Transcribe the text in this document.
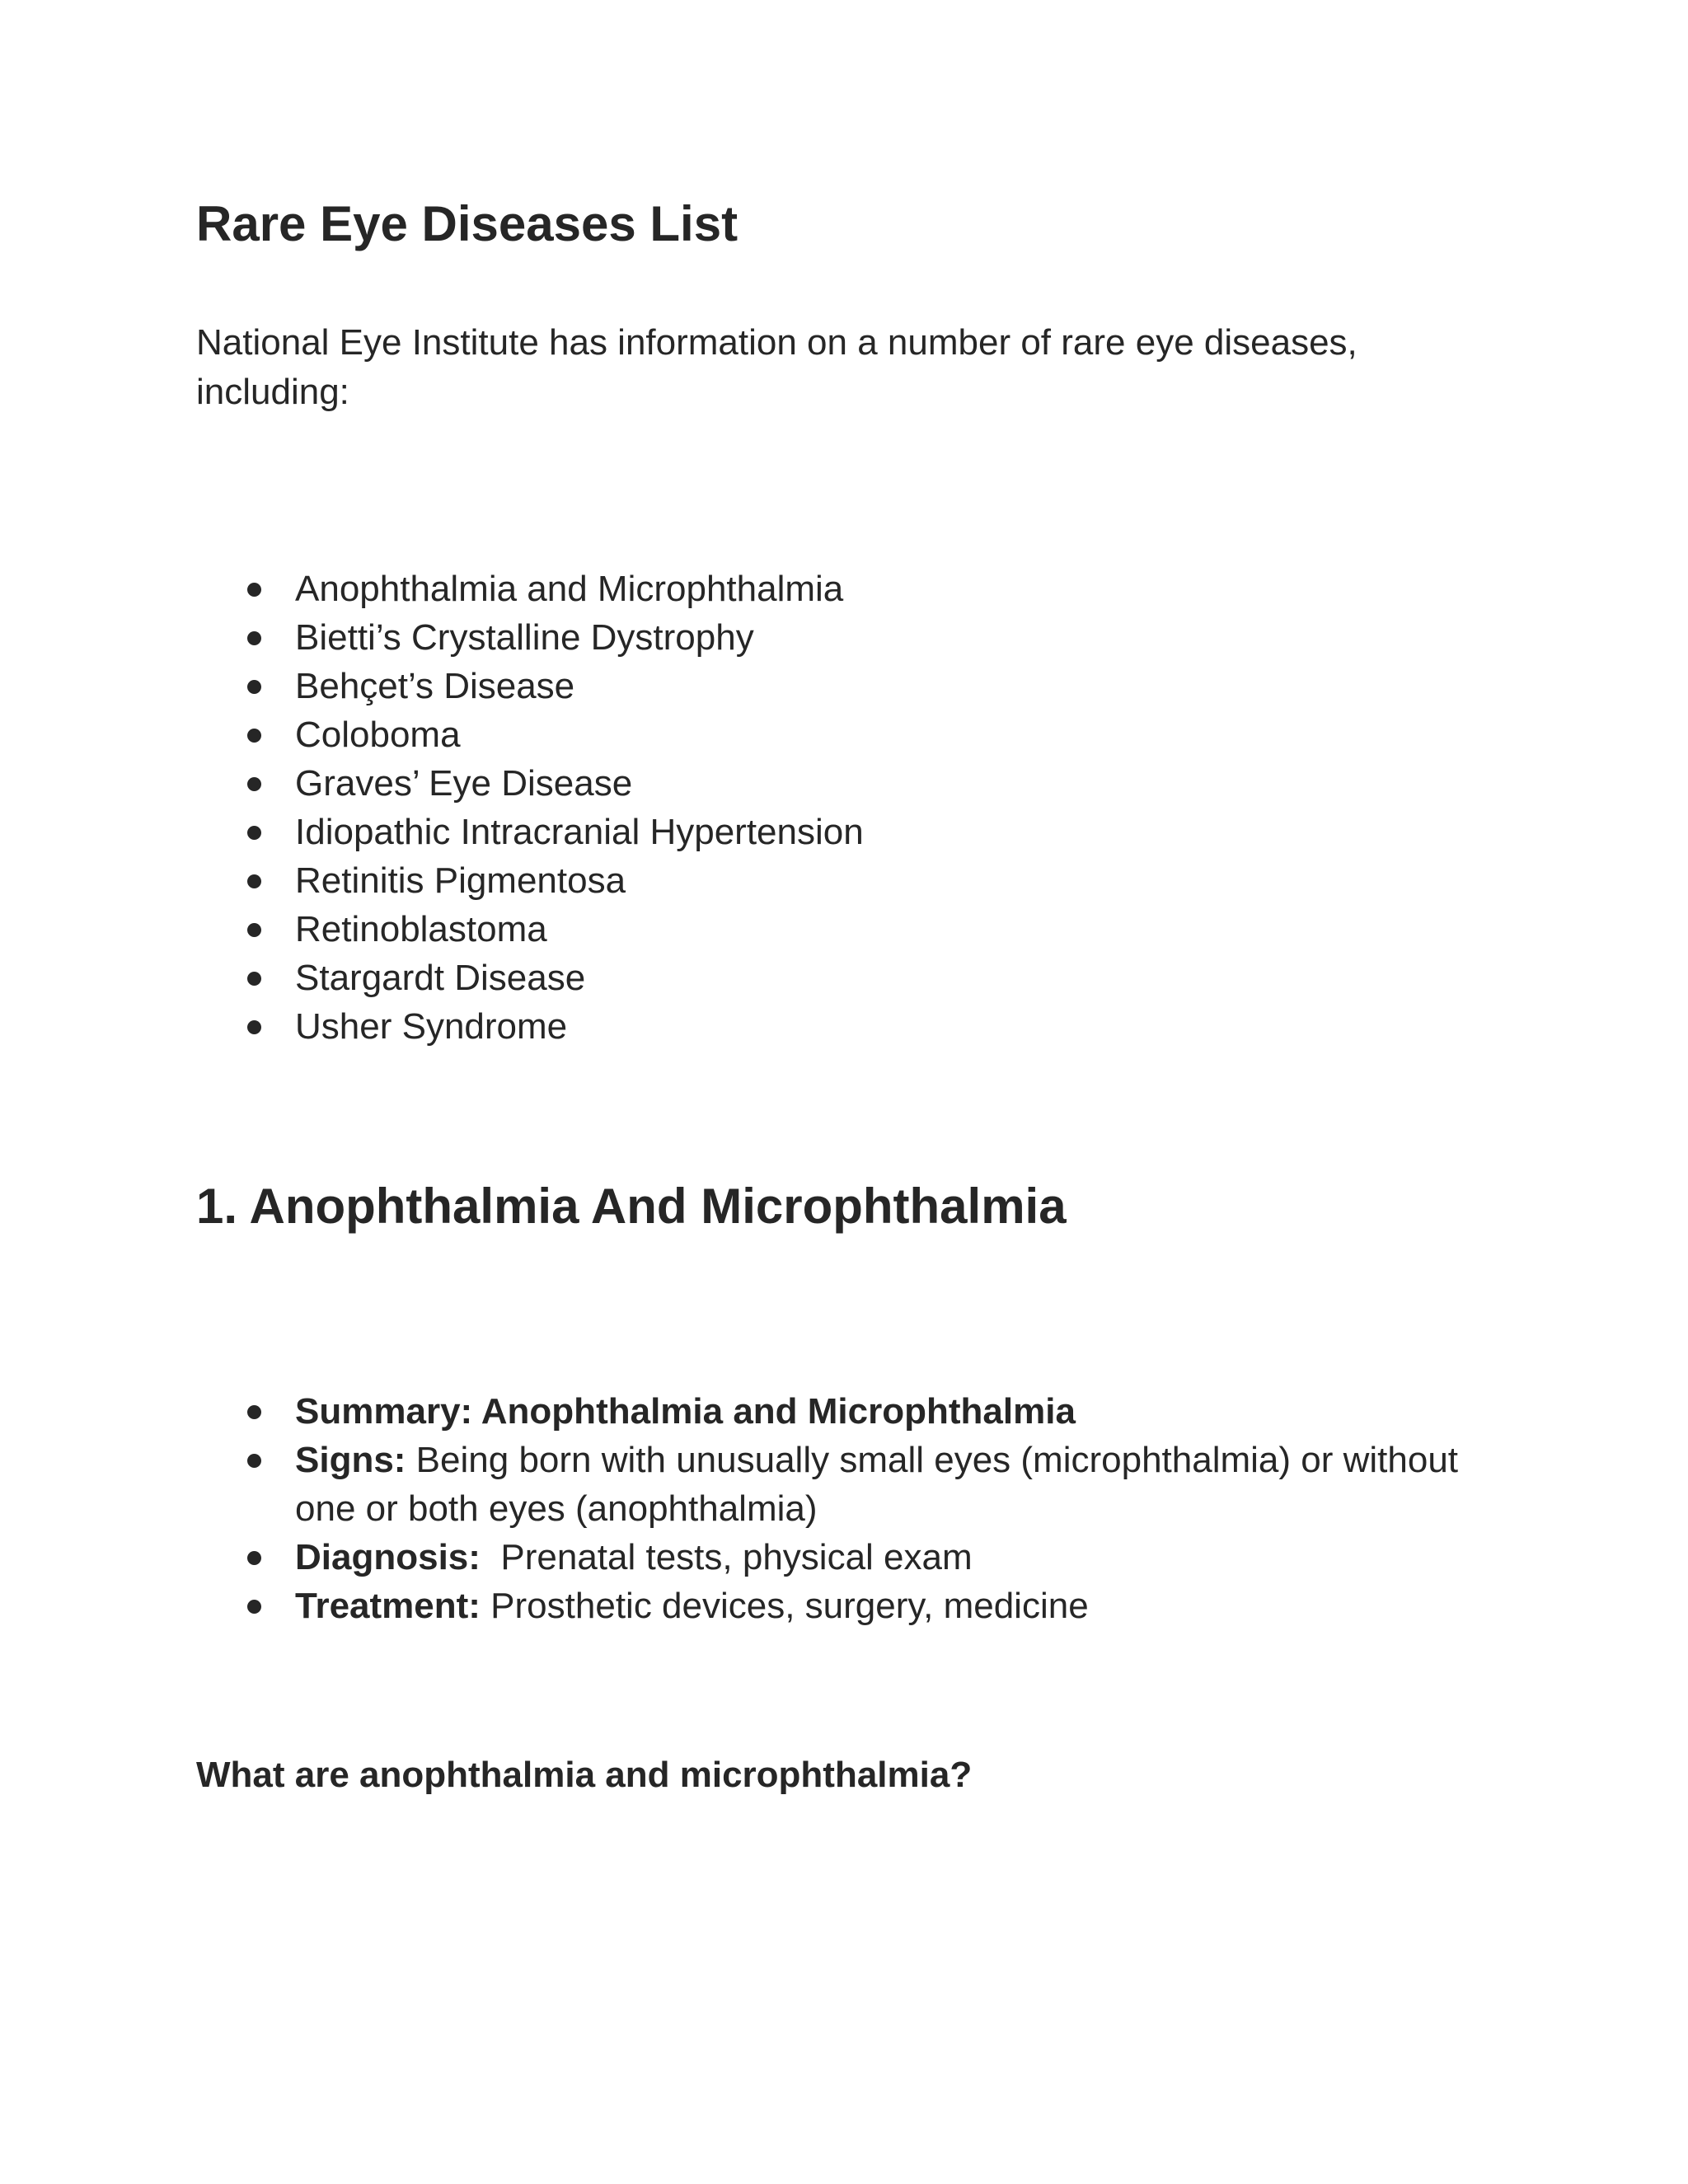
Rare Eye Diseases List

National Eye Institute has information on a number of rare eye diseases, including:

Anophthalmia and Microphthalmia
Bietti’s Crystalline Dystrophy
Behçet’s Disease
Coloboma
Graves’ Eye Disease
Idiopathic Intracranial Hypertension
Retinitis Pigmentosa
Retinoblastoma
Stargardt Disease
Usher Syndrome
1. Anophthalmia And Microphthalmia
Summary: Anophthalmia and Microphthalmia
Signs: Being born with unusually small eyes (microphthalmia) or without one or both eyes (anophthalmia)
Diagnosis:  Prenatal tests, physical exam
Treatment: Prosthetic devices, surgery, medicine
What are anophthalmia and microphthalmia?
